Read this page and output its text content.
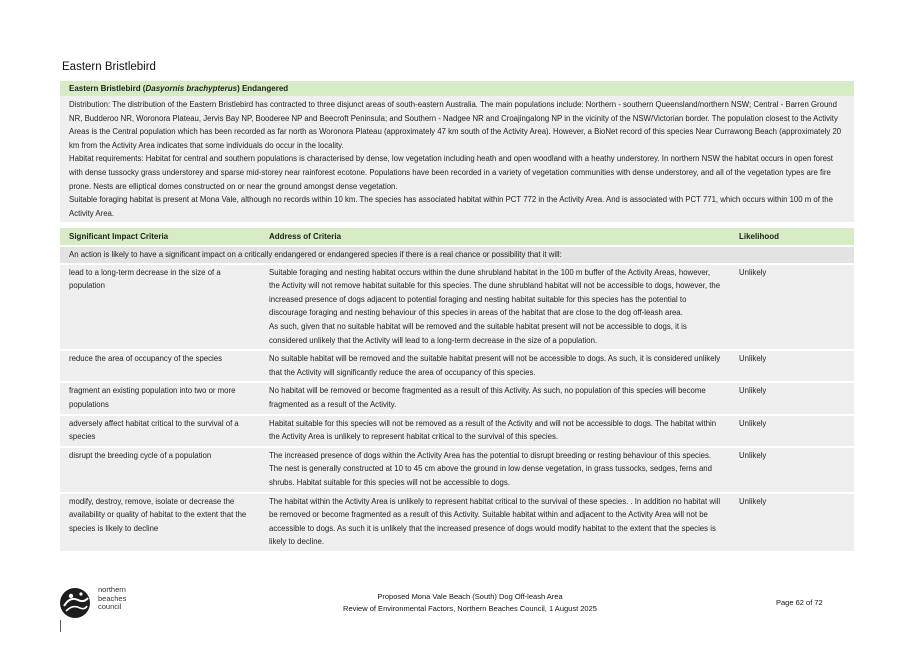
Eastern Bristlebird
Eastern Bristlebird (Dasyornis brachypterus) Endangered

Distribution: The distribution of the Eastern Bristlebird has contracted to three disjunct areas of south-eastern Australia. The main populations include: Northern - southern Queensland/northern NSW; Central - Barren Ground NR, Budderoo NR, Woronora Plateau, Jervis Bay NP, Booderee NP and Beecroft Peninsula; and Southern - Nadgee NR and Croajingalong NP in the vicinity of the NSW/Victorian border. The population closest to the Activity Areas is the Central population which has been recorded as far north as Woronora Plateau (approximately 47 km south of the Activity Area). However, a BioNet record of this species Near Currawong Beach (approximately 20 km from the Activity Area indicates that some individuals do occur in the locality.

Habitat requirements: Habitat for central and southern populations is characterised by dense, low vegetation including heath and open woodland with a heathy understorey. In northern NSW the habitat occurs in open forest with dense tussocky grass understorey and sparse mid-storey near rainforest ecotone. Populations have been recorded in a variety of vegetation communities with dense understorey, and all of the vegetation types are fire prone. Nests are elliptical domes constructed on or near the ground amongst dense vegetation.

Suitable foraging habitat is present at Mona Vale, although no records within 10 km. The species has associated habitat within PCT 772 in the Activity Area. And is associated with PCT 771, which occurs within 100 m of the Activity Area.

Significant Impact Criteria	Address of Criteria	Likelihood
An action is likely to have a significant impact on a critically endangered or endangered species if there is a real chance or possibility that it will:		
lead to a long-term decrease in the size of a population	Suitable foraging and nesting habitat occurs within the dune shrubland habitat in the 100 m buffer of the Activity Areas, however, the Activity will not remove habitat suitable for this species. The dune shrubland habitat will not be accessible to dogs, however, the increased presence of dogs adjacent to potential foraging and nesting habitat suitable for this species has the potential to discourage foraging and nesting behaviour of this species in areas of the habitat that are close to the dog off-leash area.
As such, given that no suitable habitat will be removed and the suitable habitat present will not be accessible to dogs, it is considered unlikely that the Activity will lead to a long-term decrease in the size of a population.	Unlikely
reduce the area of occupancy of the species	No suitable habitat will be removed and the suitable habitat present will not be accessible to dogs. As such, it is considered unlikely that the Activity will significantly reduce the area of occupancy of this species.	Unlikely
fragment an existing population into two or more populations	No habitat will be removed or become fragmented as a result of this Activity. As such, no population of this species will become fragmented as a result of the Activity.	Unlikely
adversely affect habitat critical to the survival of a species	Habitat suitable for this species will not be removed as a result of the Activity and will not be accessible to dogs. The habitat within the Activity Area is unlikely to represent habitat critical to the survival of this species.	Unlikely
disrupt the breeding cycle of a population	The increased presence of dogs within the Activity Area has the potential to disrupt breeding or resting behaviour of this species. The nest is generally constructed at 10 to 45 cm above the ground in low dense vegetation, in grass tussocks, sedges, ferns and shrubs. Habitat suitable for this species will not be accessible to dogs.	Unlikely
modify, destroy, remove, isolate or decrease the availability or quality of habitat to the extent that the species is likely to decline	The habitat within the Activity Area is unlikely to represent habitat critical to the survival of these species. . In addition no habitat will be removed or become fragmented as a result of this Activity. Suitable habitat within and adjacent to the Activity Area will not be accessible to dogs. As such it is unlikely that the increased presence of dogs would modify habitat to the extent that the species is likely to decline.	Unlikely
northern
beaches
council
Proposed Mona Vale Beach (South) Dog Off-leash Area
Review of Environmental Factors, Northern Beaches Council, 1 August 2025
Page 62 of 72
